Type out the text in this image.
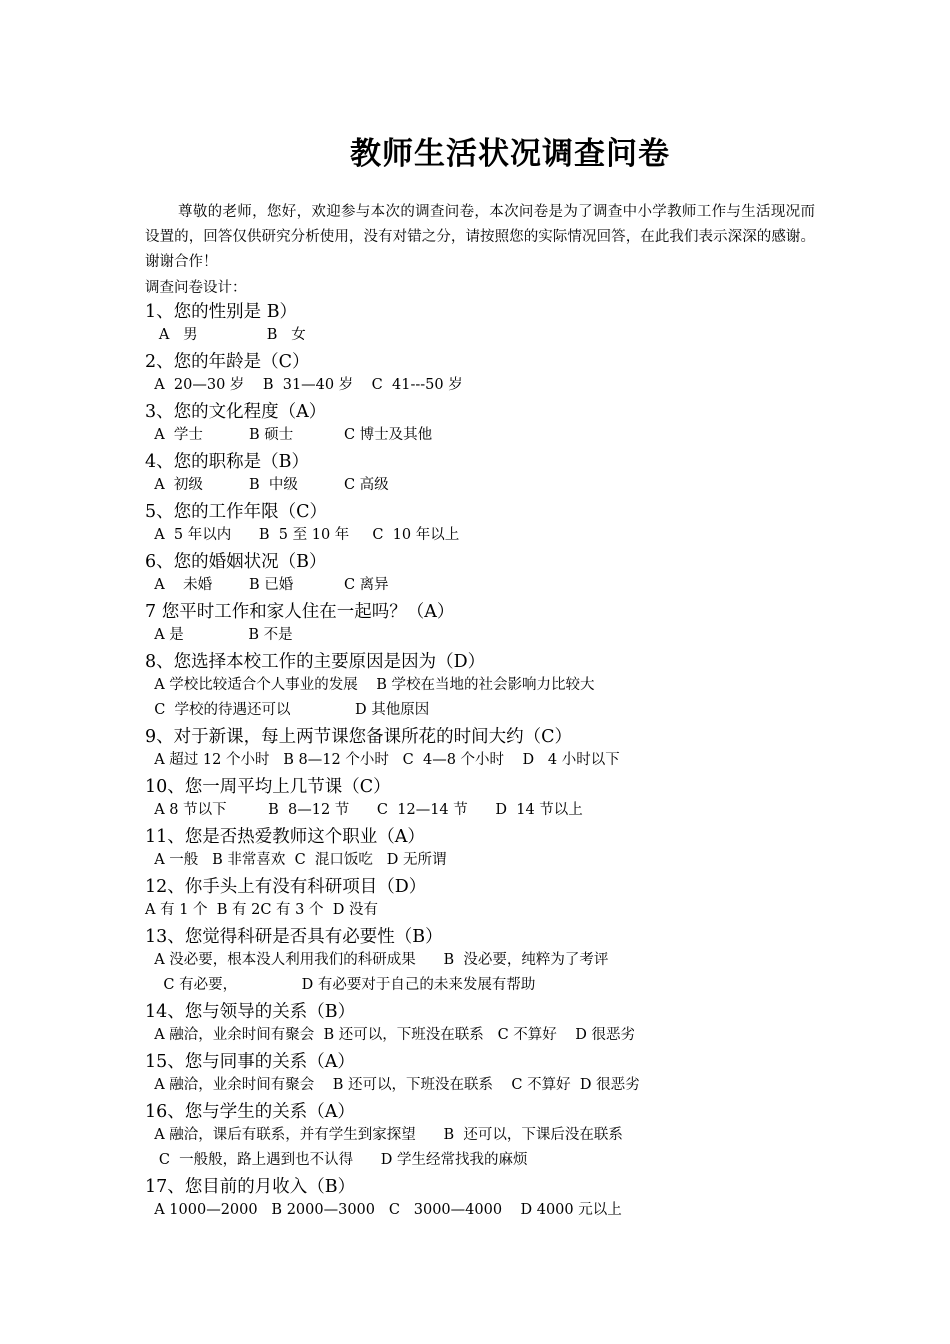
教师生活状况调查问卷

尊敬的老师，您好，欢迎参与本次的调查问卷，本次问卷是为了调查中小学教师工作与生活现况而设置的，回答仅供研究分析使用，没有对错之分，请按照您的实际情况回答，在此我们表示深深的感谢。谢谢合作！

调查问卷设计：
1、您的性别是 B）
A   男               B   女
2、您的年龄是（C）
A  20—30 岁    B  31—40 岁    C  41---50 岁
3、您的文化程度（A）
A  学士          B 硕士           C 博士及其他
4、您的职称是（B）
A  初级          B  中级          C 高级
5、您的工作年限（C）
A  5 年以内      B  5 至 10 年     C  10 年以上
6、您的婚姻状况（B）
A    未婚        B 已婚           C 离异
7 您平时工作和家人住在一起吗？（A）
A 是              B 不是
8、您选择本校工作的主要原因是因为（D）
A 学校比较适合个人事业的发展    B 学校在当地的社会影响力比较大
C  学校的待遇还可以              D 其他原因
9、对于新课，每上两节课您备课所花的时间大约（C）
A 超过 12 个小时   B 8—12 个小时   C  4—8 个小时    D   4 小时以下
10、您一周平均上几节课（C）
A 8 节以下         B  8—12 节      C  12—14 节      D  14 节以上
11、您是否热爱教师这个职业（A）
A 一般   B 非常喜欢  C  混口饭吃   D 无所谓
12、你手头上有没有科研项目（D）
A 有 1 个  B 有 2C 有 3 个  D 没有
13、您觉得科研是否具有必要性（B）
A 没必要，根本没人利用我们的科研成果      B  没必要，纯粹为了考评
C 有必要，              D 有必要对于自己的未来发展有帮助
14、您与领导的关系（B）
A 融洽，业余时间有聚会  B 还可以，下班没在联系   C 不算好    D 很恶劣
15、您与同事的关系（A）
A 融洽，业余时间有聚会    B 还可以，下班没在联系    C 不算好  D 很恶劣
16、您与学生的关系（A）
A 融洽，课后有联系，并有学生到家探望      B  还可以，下课后没在联系
C  一般般，路上遇到也不认得      D 学生经常找我的麻烦
17、您目前的月收入（B）
A 1000—2000   B 2000—3000   C   3000—4000    D 4000 元以上
